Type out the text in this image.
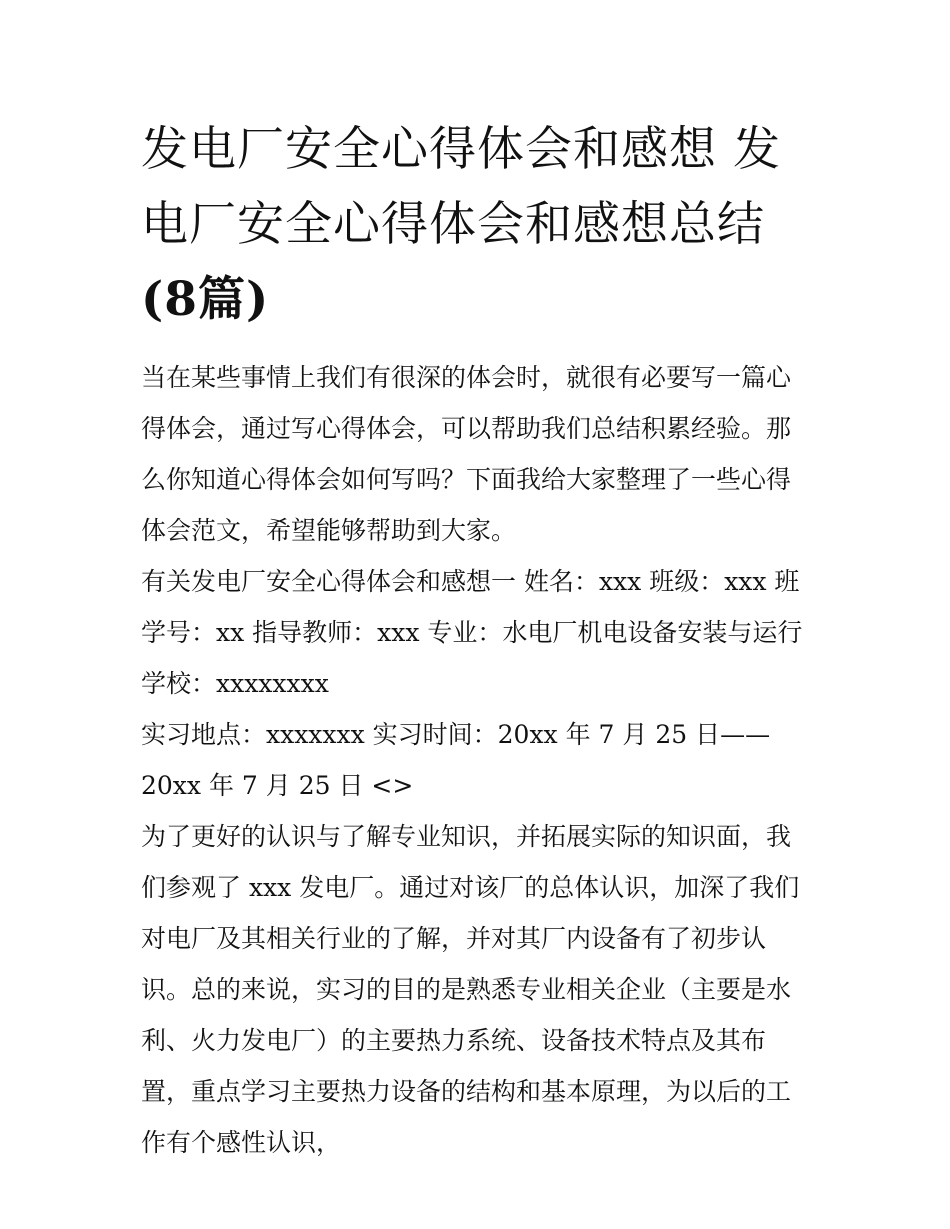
发电厂安全心得体会和感想 发电厂安全心得体会和感想总结
(8篇)

当在某些事情上我们有很深的体会时，就很有必要写一篇心得体会，通过写心得体会，可以帮助我们总结积累经验。那么你知道心得体会如何写吗？下面我给大家整理了一些心得体会范文，希望能够帮助到大家。

有关发电厂安全心得体会和感想一 姓名：xxx 班级：xxx 班 学号：xx 指导教师：xxx 专业：水电厂机电设备安装与运行 学校：xxxxxxxx

实习地点：xxxxxxx 实习时间：20xx 年 7 月 25 日——20xx 年 7 月 25 日 <>

为了更好的认识与了解专业知识，并拓展实际的知识面，我们参观了 xxx 发电厂。通过对该厂的总体认识，加深了我们对电厂及其相关行业的了解，并对其厂内设备有了初步认识。总的来说，实习的目的是熟悉专业相关企业（主要是水利、火力发电厂）的主要热力系统、设备技术特点及其布置，重点学习主要热力设备的结构和基本原理，为以后的工作有个感性认识，
